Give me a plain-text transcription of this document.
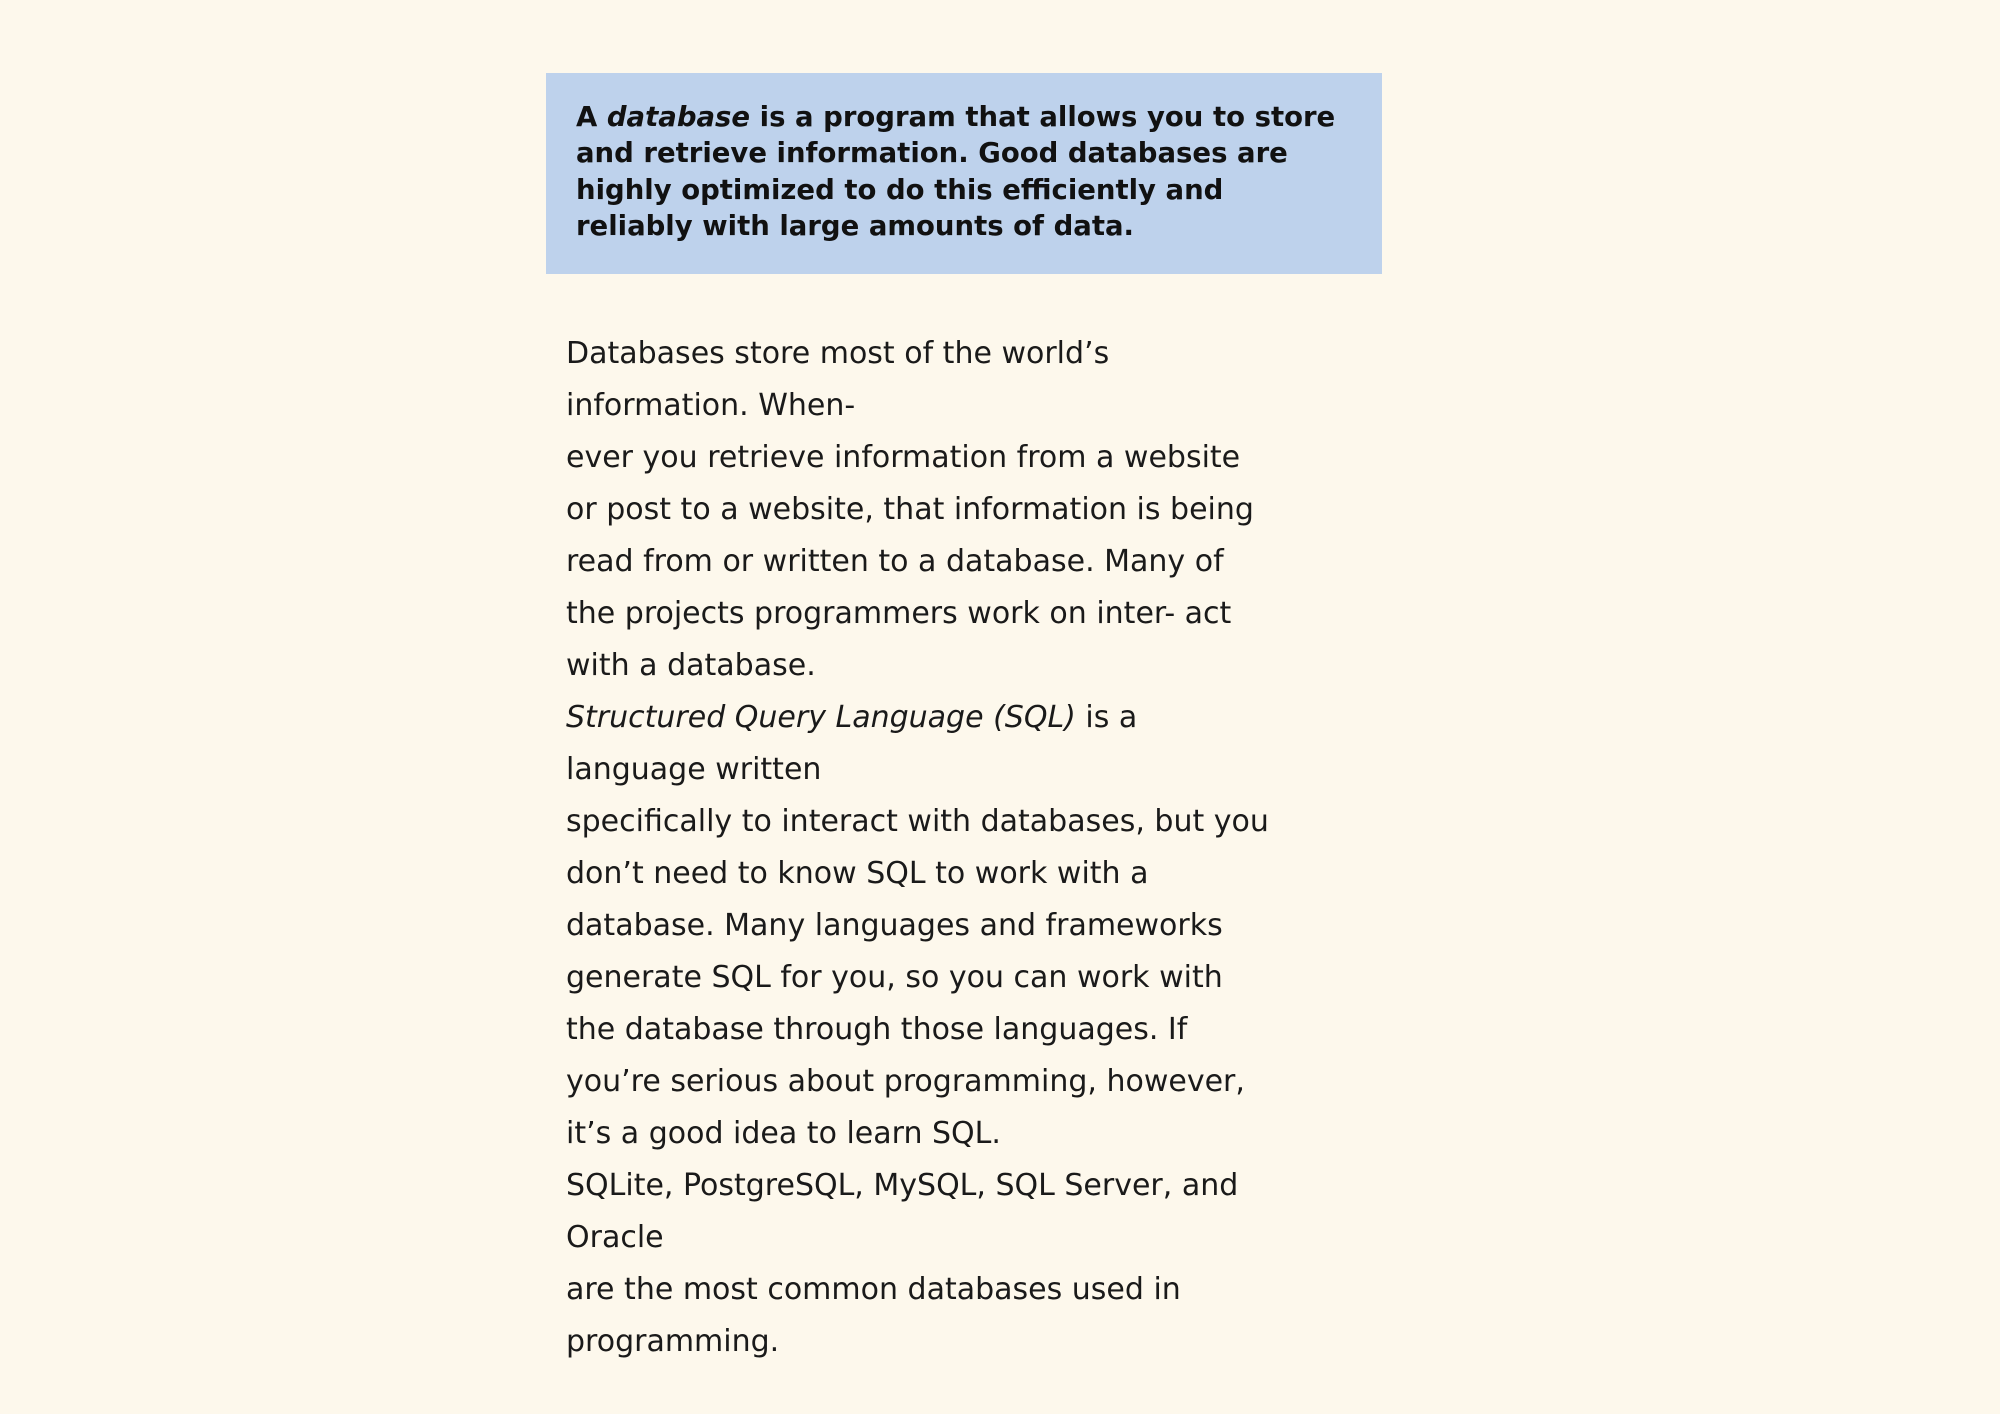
A database is a program that allows you to store and retrieve information. Good databases are highly optimized to do this efficiently and reliably with large amounts of data.

Databases store most of the world’s
information. When-
ever you retrieve information from a website
or post to a website, that information is being
read from or written to a database. Many of
the projects programmers work on inter- act
with a database.
Structured Query Language (SQL) is a
language written
specifically to interact with databases, but you
don’t need to know SQL to work with a
database. Many languages and frameworks
generate SQL for you, so you can work with
the database through those languages. If
you’re serious about programming, however,
it’s a good idea to learn SQL.
SQLite, PostgreSQL, MySQL, SQL Server, and
Oracle
are the most common databases used in
programming.
